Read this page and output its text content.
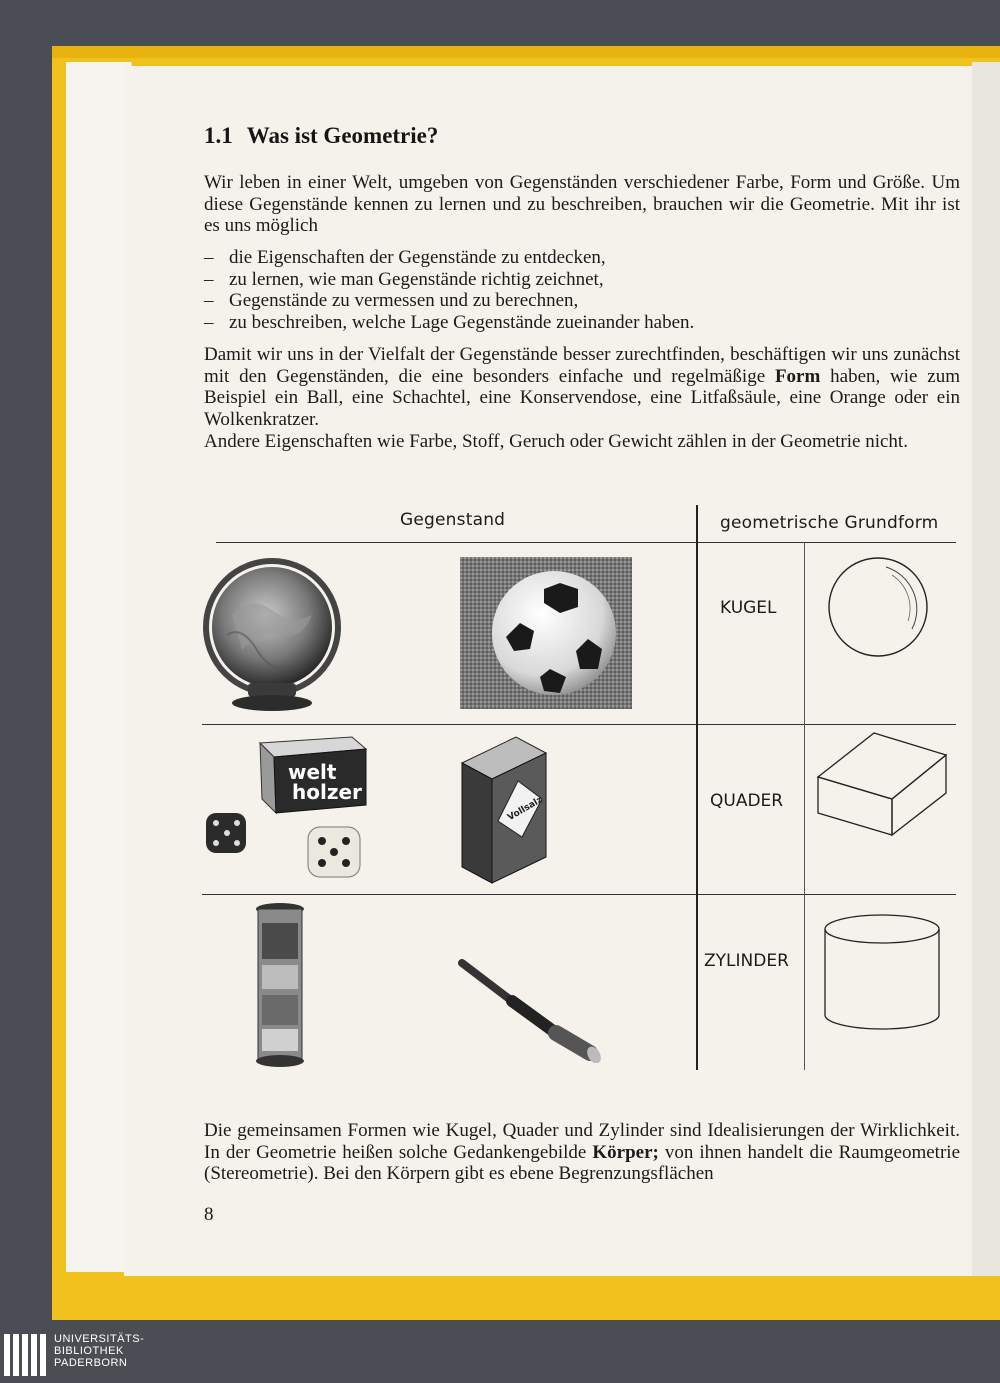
1.1 Was ist Geometrie?

Wir leben in einer Welt, umgeben von Gegenständen verschiedener Farbe, Form und Größe. Um diese Gegenstände kennen zu lernen und zu beschreiben, brauchen wir die Geometrie. Mit ihr ist es uns möglich

– die Eigenschaften der Gegenstände zu entdecken,
– zu lernen, wie man Gegenstände richtig zeichnet,
– Gegenstände zu vermessen und zu berechnen,
– zu beschreiben, welche Lage Gegenstände zueinander haben.

Damit wir uns in der Vielfalt der Gegenstände besser zurechtfinden, beschäftigen wir uns zunächst mit den Gegenständen, die eine besonders einfache und regelmäßige Form haben, wie zum Beispiel ein Ball, eine Schachtel, eine Konservendose, eine Litfaßsäule, eine Orange oder ein Wolkenkratzer.

Andere Eigenschaften wie Farbe, Stoff, Geruch oder Gewicht zählen in der Geometrie nicht.

Gegenstand	geometrische Grundform
KUGEL
QUADER
ZYLINDER
welt
holzer
Vollsalz

Die gemeinsamen Formen wie Kugel, Quader und Zylinder sind Idealisierungen der Wirklichkeit. In der Geometrie heißen solche Gedankengebilde Körper; von ihnen handelt die Raumgeometrie (Stereometrie). Bei den Körpern gibt es ebene Begrenzungsflächen

8
UNIVERSITÄTS-
BIBLIOTHEK
PADERBORN
